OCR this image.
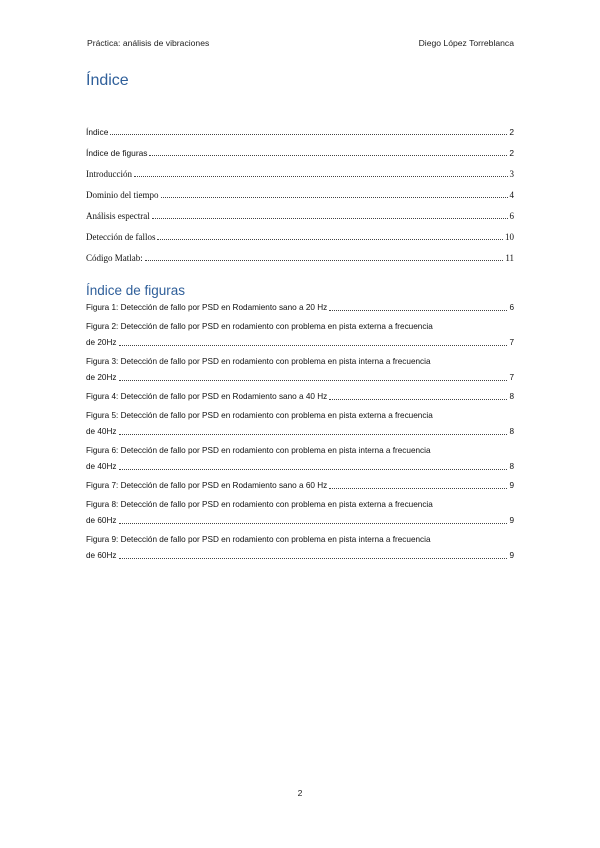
Práctica: análisis de vibraciones	Diego López Torreblanca
Índice
Índice	2
Índice de figuras	2
Introducción	3
Dominio del tiempo	4
Análisis espectral	6
Detección de fallos	10
Código Matlab:	11
Índice de figuras
Figura 1: Detección de fallo por PSD en Rodamiento sano a 20 Hz	6
Figura 2: Detección de fallo por PSD en rodamiento con problema en pista externa a frecuencia
de 20Hz	7
Figura 3: Detección de fallo por PSD en rodamiento con problema en pista interna a frecuencia
de 20Hz	7
Figura 4: Detección de fallo por PSD en Rodamiento sano a 40 Hz	8
Figura 5: Detección de fallo por PSD en rodamiento con problema en pista externa a frecuencia
de 40Hz	8
Figura 6: Detección de fallo por PSD en rodamiento con problema en pista interna a frecuencia
de 40Hz	8
Figura 7: Detección de fallo por PSD en Rodamiento sano a 60 Hz	9
Figura 8: Detección de fallo por PSD en rodamiento con problema en pista externa a frecuencia
de 60Hz	9
Figura 9: Detección de fallo por PSD en rodamiento con problema en pista interna a frecuencia
de 60Hz	9
2
